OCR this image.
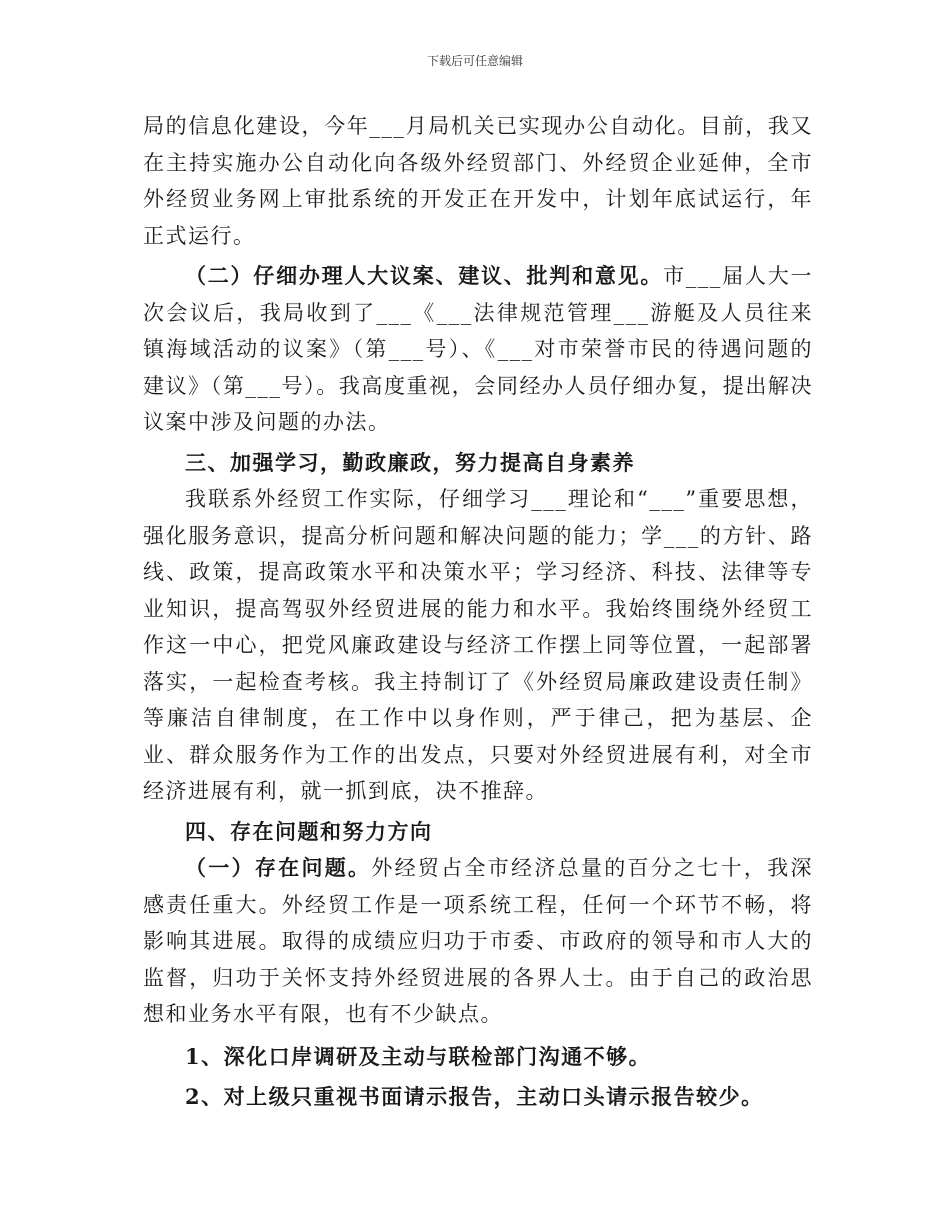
下载后可任意编辑

局的信息化建设，今年___月局机关已实现办公自动化。目前，我又在主持实施办公自动化向各级外经贸部门、外经贸企业延伸，全市外经贸业务网上审批系统的开发正在开发中，计划年底试运行，年正式运行。

（二）仔细办理人大议案、建议、批判和意见。市___届人大一次会议后，我局收到了___《___法律规范管理___游艇及人员往来镇海域活动的议案》（第___号）、《___对市荣誉市民的待遇问题的建议》（第___号）。我高度重视，会同经办人员仔细办复，提出解决议案中涉及问题的办法。

三、加强学习，勤政廉政，努力提高自身素养

我联系外经贸工作实际，仔细学习___理论和“___”重要思想，强化服务意识，提高分析问题和解决问题的能力；学___的方针、路线、政策，提高政策水平和决策水平；学习经济、科技、法律等专业知识，提高驾驭外经贸进展的能力和水平。我始终围绕外经贸工作这一中心，把党风廉政建设与经济工作摆上同等位置，一起部署落实，一起检查考核。我主持制订了《外经贸局廉政建设责任制》等廉洁自律制度，在工作中以身作则，严于律己，把为基层、企业、群众服务作为工作的出发点，只要对外经贸进展有利，对全市经济进展有利，就一抓到底，决不推辞。

四、存在问题和努力方向

（一）存在问题。外经贸占全市经济总量的百分之七十，我深感责任重大。外经贸工作是一项系统工程，任何一个环节不畅，将影响其进展。取得的成绩应归功于市委、市政府的领导和市人大的监督，归功于关怀支持外经贸进展的各界人士。由于自己的政治思想和业务水平有限，也有不少缺点。

1、深化口岸调研及主动与联检部门沟通不够。

2、对上级只重视书面请示报告，主动口头请示报告较少。
